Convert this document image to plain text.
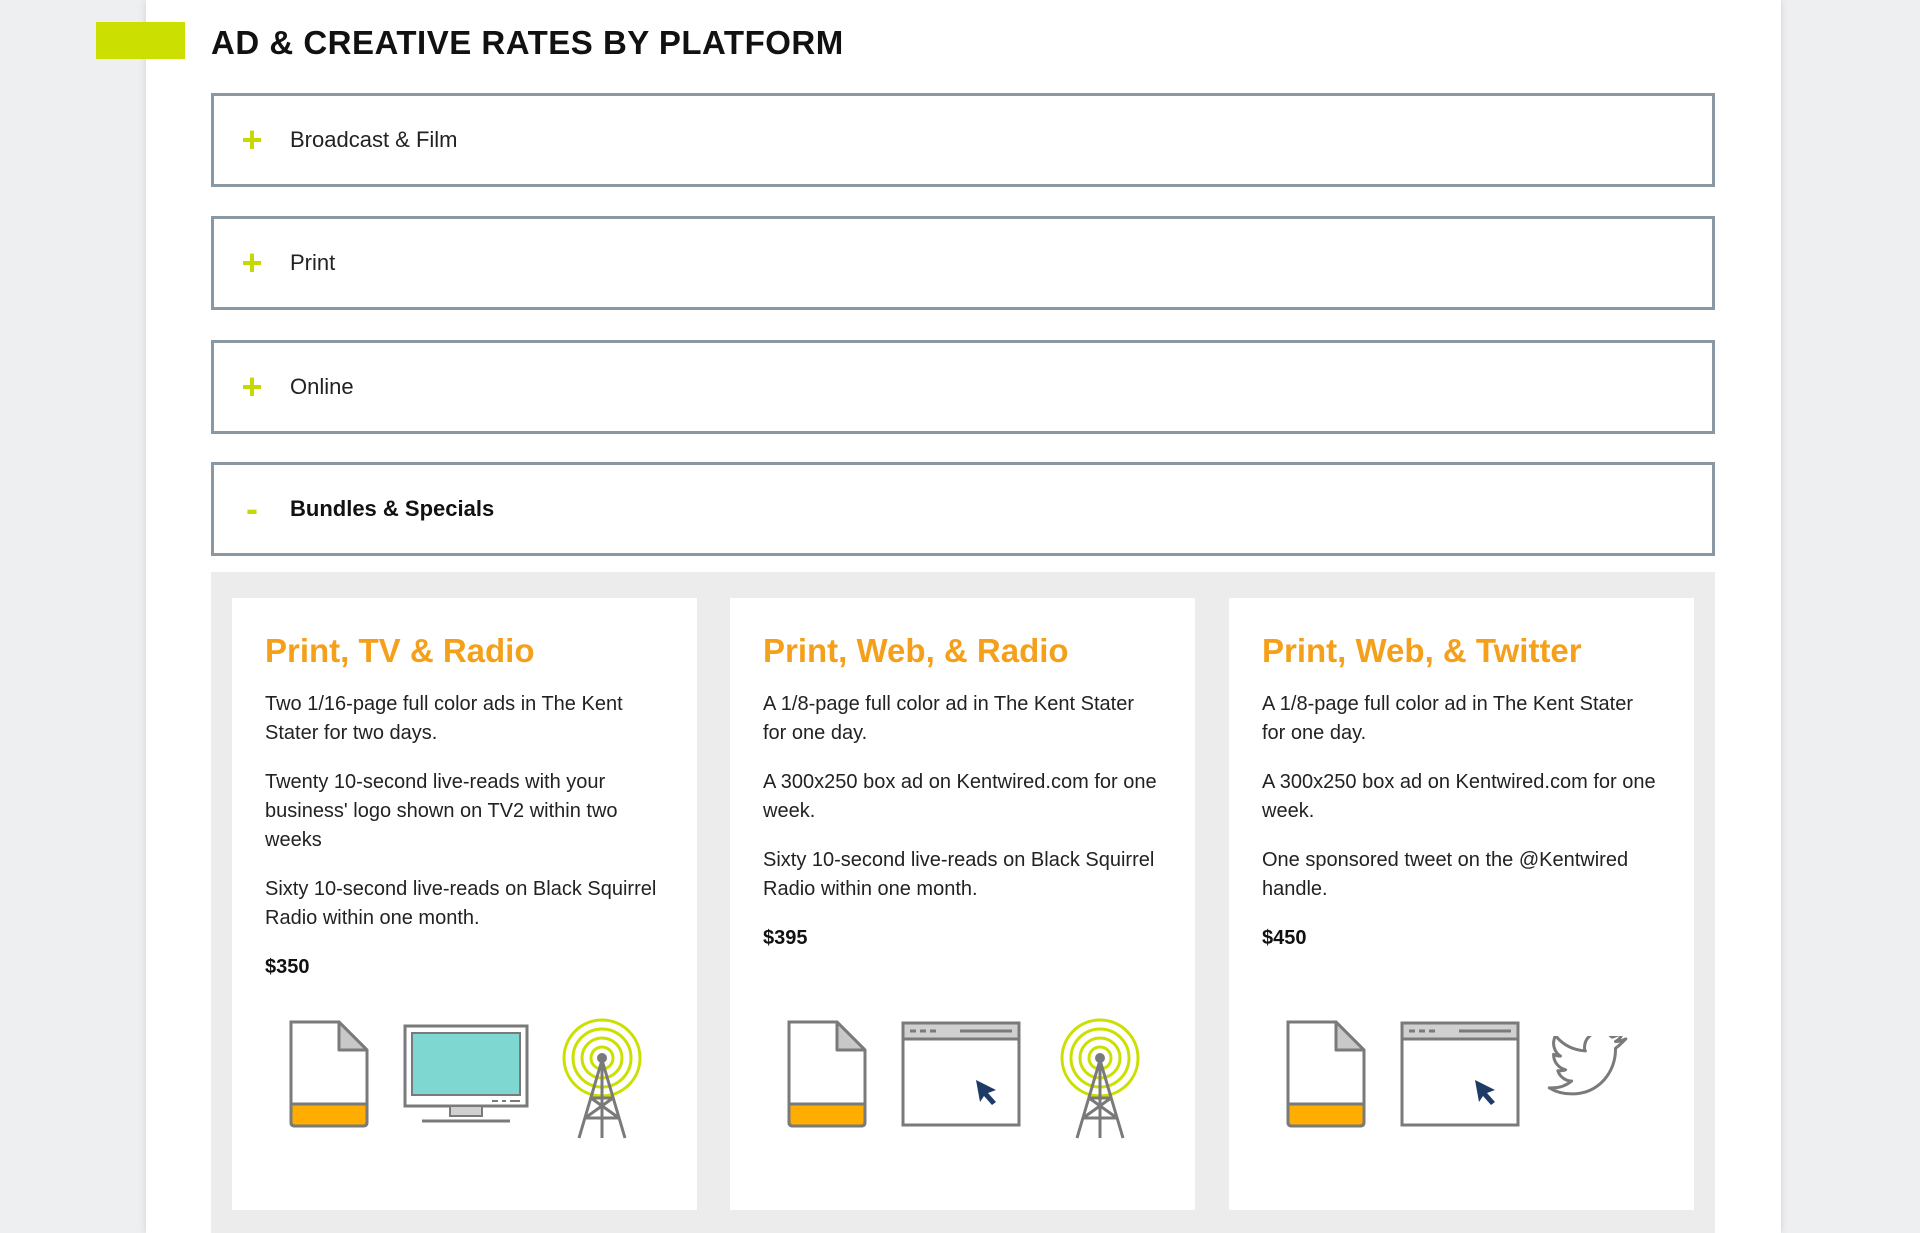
AD & CREATIVE RATES BY PLATFORM
+	Broadcast & Film
+	Print
+	Online
-	Bundles & Specials
Print, TV & Radio

Two 1/16-page full color ads in The Kent Stater for two days.

Twenty 10-second live-reads with your business' logo shown on TV2 within two weeks

Sixty 10-second live-reads on Black Squirrel Radio within one month.

$350

Print, Web, & Radio

A 1/8-page full color ad in The Kent Stater for one day.

A 300x250 box ad on Kentwired.com for one week.

Sixty 10-second live-reads on Black Squirrel Radio within one month.

$395

Print, Web, & Twitter

A 1/8-page full color ad in The Kent Stater for one day.

A 300x250 box ad on Kentwired.com for one week.

One sponsored tweet on the @Kentwired handle.

$450
